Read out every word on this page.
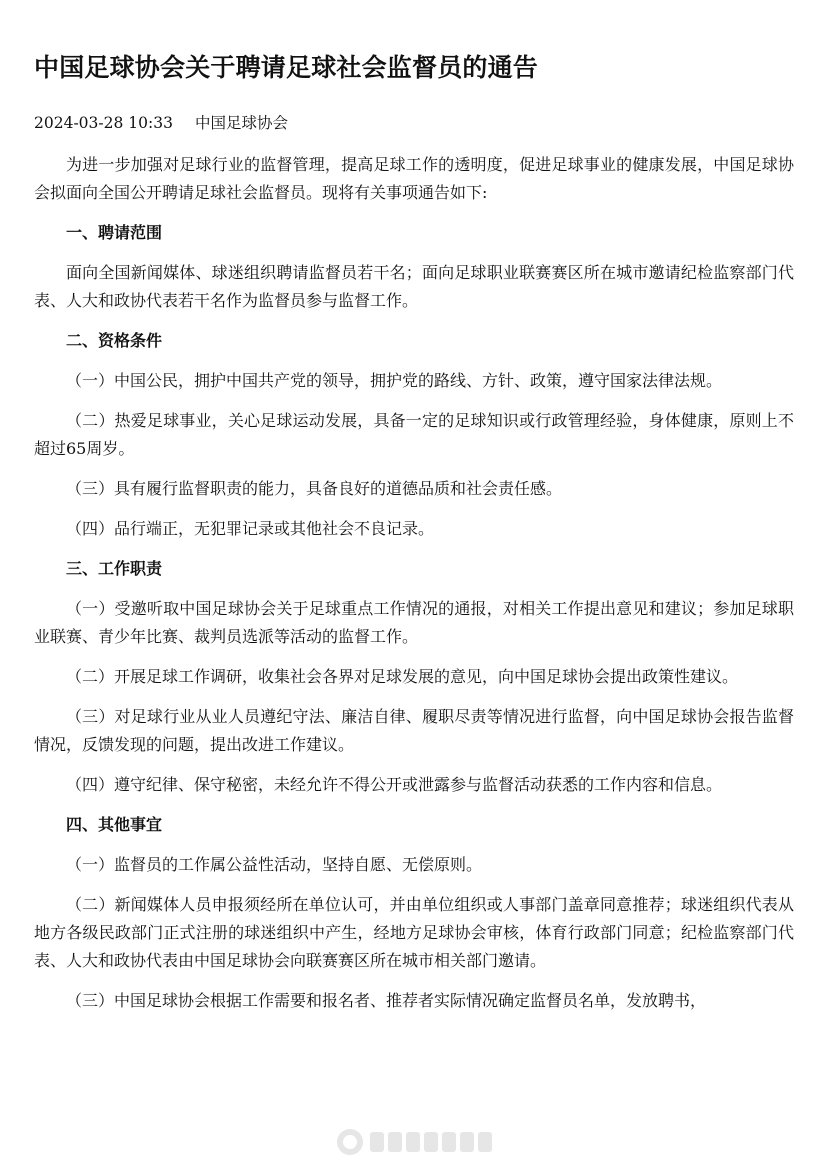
中国足球协会关于聘请足球社会监督员的通告
2024-03-28 10:33 中国足球协会

为进一步加强对足球行业的监督管理，提高足球工作的透明度，促进足球事业的健康发展，中国足球协会拟面向全国公开聘请足球社会监督员。现将有关事项通告如下:

一、聘请范围

面向全国新闻媒体、球迷组织聘请监督员若干名；面向足球职业联赛赛区所在城市邀请纪检监察部门代表、人大和政协代表若干名作为监督员参与监督工作。

二、资格条件

（一）中国公民，拥护中国共产党的领导，拥护党的路线、方针、政策，遵守国家法律法规。

（二）热爱足球事业，关心足球运动发展，具备一定的足球知识或行政管理经验，身体健康，原则上不超过65周岁。

（三）具有履行监督职责的能力，具备良好的道德品质和社会责任感。

（四）品行端正，无犯罪记录或其他社会不良记录。

三、工作职责

（一）受邀听取中国足球协会关于足球重点工作情况的通报，对相关工作提出意见和建议；参加足球职业联赛、青少年比赛、裁判员选派等活动的监督工作。

（二）开展足球工作调研，收集社会各界对足球发展的意见，向中国足球协会提出政策性建议。

（三）对足球行业从业人员遵纪守法、廉洁自律、履职尽责等情况进行监督，向中国足球协会报告监督情况，反馈发现的问题，提出改进工作建议。

（四）遵守纪律、保守秘密，未经允许不得公开或泄露参与监督活动获悉的工作内容和信息。

四、其他事宜

（一）监督员的工作属公益性活动，坚持自愿、无偿原则。

（二）新闻媒体人员申报须经所在单位认可，并由单位组织或人事部门盖章同意推荐；球迷组织代表从地方各级民政部门正式注册的球迷组织中产生，经地方足球协会审核，体育行政部门同意；纪检监察部门代表、人大和政协代表由中国足球协会向联赛赛区所在城市相关部门邀请。

（三）中国足球协会根据工作需要和报名者、推荐者实际情况确定监督员名单，发放聘书，
